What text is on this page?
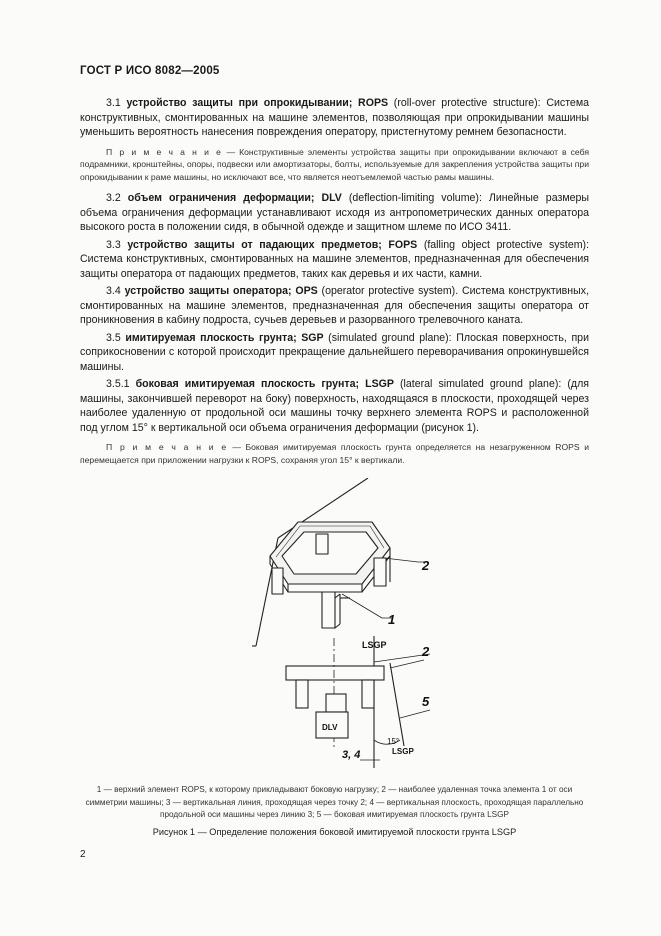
ГОСТ Р ИСО 8082—2005

3.1 устройство защиты при опрокидывании; ROPS (roll-over protective structure): Система конструктивных, смонтированных на машине элементов, позволяющая при опрокидывании машины уменьшить вероятность нанесения повреждения оператору, пристегнутому ремнем безопасности.

П р и м е ч а н и е — Конструктивные элементы устройства защиты при опрокидывании включают в себя подрамники, кронштейны, опоры, подвески или амортизаторы, болты, используемые для закрепления устройства защиты при опрокидывании к раме машины, но исключают все, что является неотъемлемой частью рамы машины.

3.2 объем ограничения деформации; DLV (deflection-limiting volume): Линейные размеры объема ограничения деформации устанавливают исходя из антропометрических данных оператора высокого роста в положении сидя, в обычной одежде и защитном шлеме по ИСО 3411.

3.3 устройство защиты от падающих предметов; FOPS (falling object protective system): Система конструктивных, смонтированных на машине элементов, предназначенная для обеспечения защиты оператора от падающих предметов, таких как деревья и их части, камни.

3.4 устройство защиты оператора; OPS (operator protective system). Система конструктивных, смонтированных на машине элементов, предназначенная для обеспечения защиты оператора от проникновения в кабину подроста, сучьев деревьев и разорванного трелевочного каната.

3.5 имитируемая плоскость грунта; SGP (simulated ground plane): Плоская поверхность, при соприкосновении с которой происходит прекращение дальнейшего переворачивания опрокинувшейся машины.

3.5.1 боковая имитируемая плоскость грунта; LSGP (lateral simulated ground plane): (для машины, закончившей переворот на боку) поверхность, находящаяся в плоскости, проходящей через наиболее удаленную от продольной оси машины точку верхнего элемента ROPS и расположенной под углом 15° к вертикальной оси объема ограничения деформации (рисунок 1).

П р и м е ч а н и е — Боковая имитируемая плоскость грунта определяется на незагруженном ROPS и перемещается при приложении нагрузки к ROPS, сохраняя угол 15° к вертикали.

2
1
LSGP	2
5
DLV
15°
3, 4	LSGP
1 — верхний элемент ROPS, к которому прикладывают боковую нагрузку; 2 — наиболее удаленная точка элемента 1 от оси симметрии машины; 3 — вертикальная линия, проходящая через точку 2; 4 — вертикальная плоскость, проходящая параллельно продольной оси машины через линию 3; 5 — боковая имитируемая плоскость грунта LSGP
Рисунок 1 — Определение положения боковой имитируемой плоскости грунта LSGP
2
